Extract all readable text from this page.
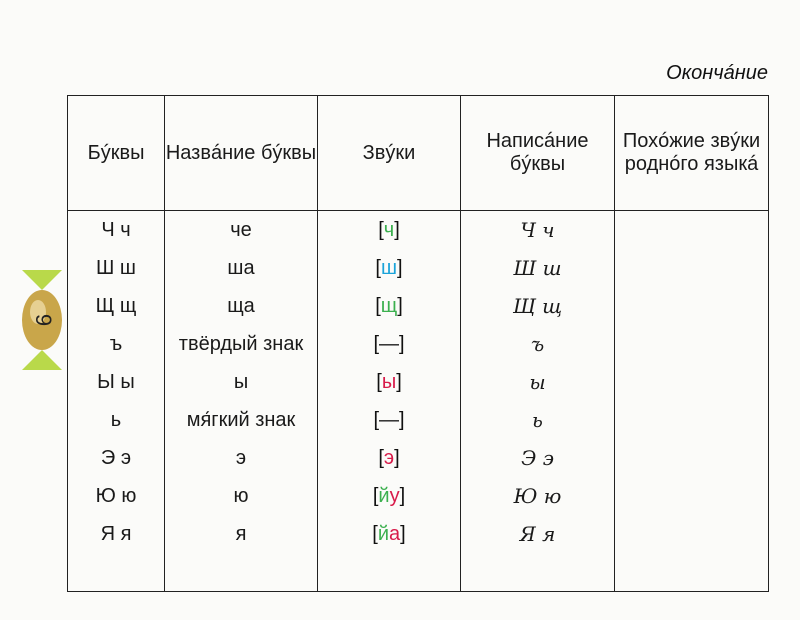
Окончáние
9
Бýквы	Назвáние бýквы	Звýки	Написáние бýквы	Похóжие звýки роднóго языкá
Ч ч	че	[ч]	Ч ч	
Ш ш	ша	[ш]	Ш ш	
Щ щ	ща	[щ]	Щ щ	
ъ	твёрдый знак	[—]	ъ	
Ы ы	ы	[ы]	ы	
ь	мя́гкий знак	[—]	ь	
Э э	э	[э]	Э э	
Ю ю	ю	[йу]	Ю ю	
Я я	я	[йа]	Я я	
